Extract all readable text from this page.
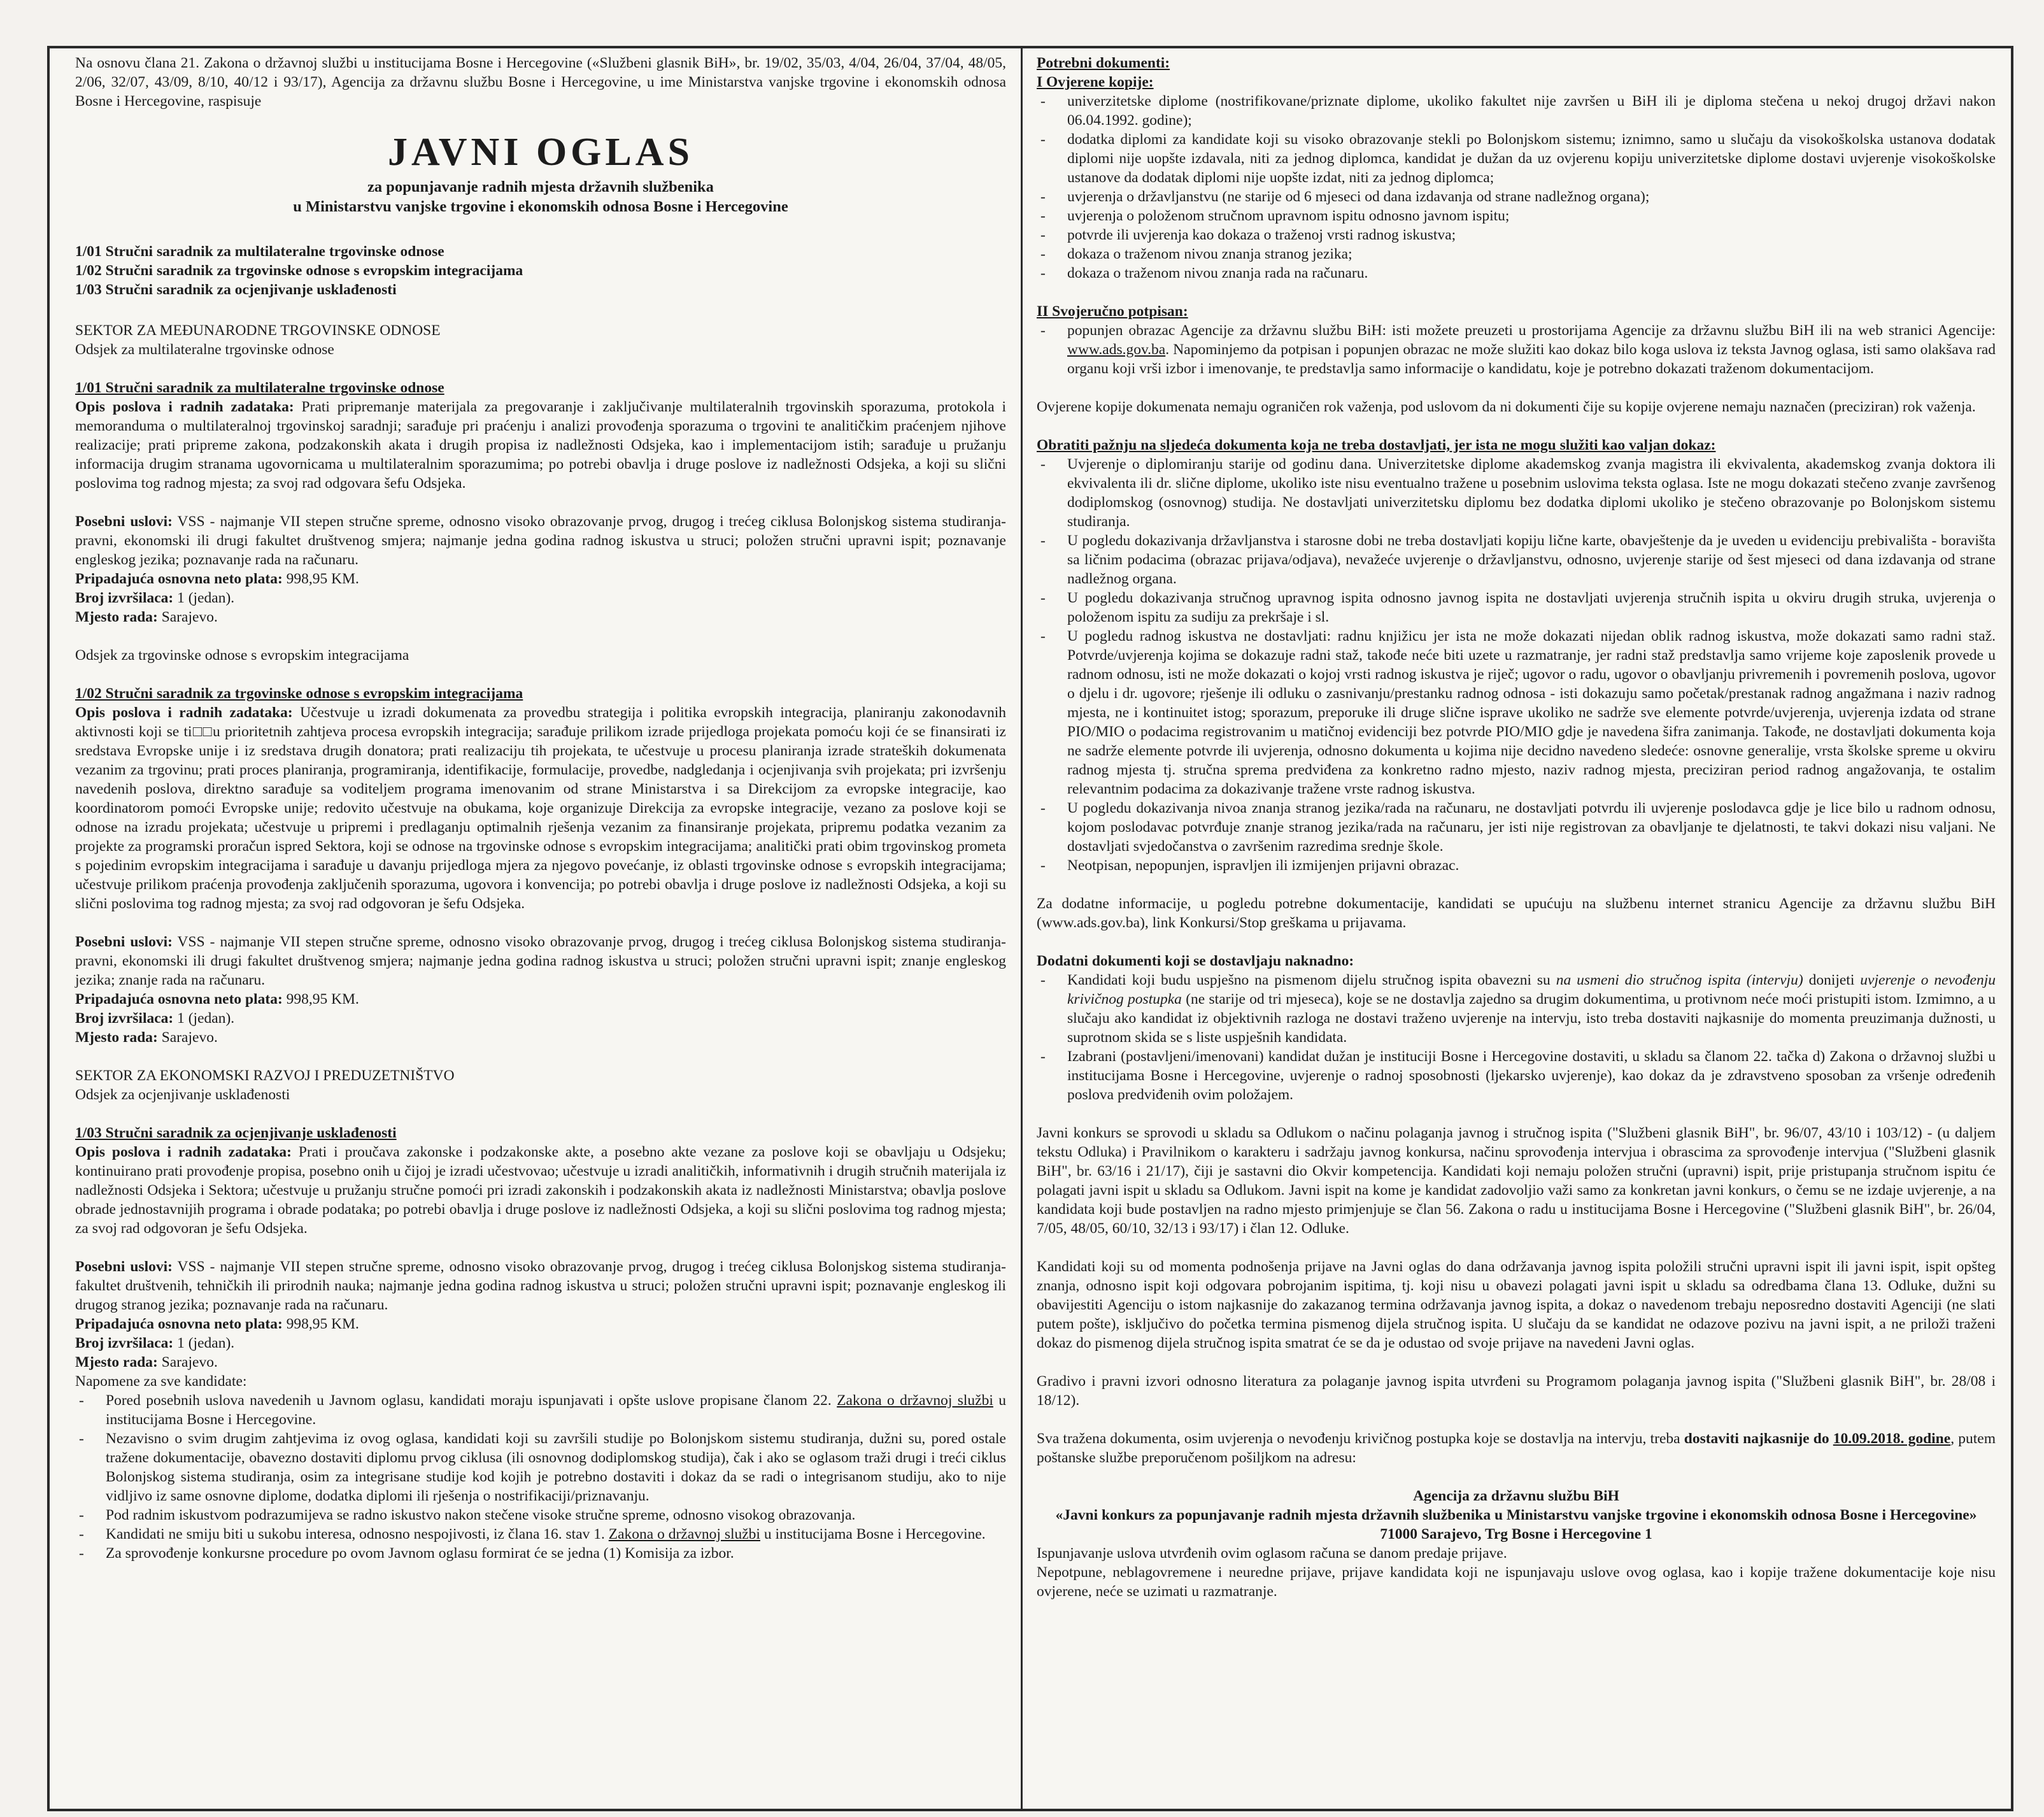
Na osnovu člana 21. Zakona o državnoj službi u institucijama Bosne i Hercegovine («Službeni glasnik BiH», br. 19/02, 35/03, 4/04, 26/04, 37/04, 48/05, 2/06, 32/07, 43/09, 8/10, 40/12 i 93/17), Agencija za državnu službu Bosne i Hercegovine, u ime Ministarstva vanjske trgovine i ekonomskih odnosa Bosne i Hercegovine, raspisuje

JAVNI OGLAS
za popunjavanje radnih mjesta državnih službenika
u Ministarstvu vanjske trgovine i ekonomskih odnosa Bosne i Hercegovine
1/01 Stručni saradnik za multilateralne trgovinske odnose
1/02 Stručni saradnik za trgovinske odnose s evropskim integracijama
1/03 Stručni saradnik za ocjenjivanje usklađenosti
SEKTOR ZA MEĐUNARODNE TRGOVINSKE ODNOSE

Odsjek za multilateralne trgovinske odnose

1/01 Stručni saradnik za multilateralne trgovinske odnose

Opis poslova i radnih zadataka: Prati pripremanje materijala za pregovaranje i zaključivanje multilateralnih trgovinskih sporazuma, protokola i memoranduma o multilateralnoj trgovinskoj saradnji; sarađuje pri praćenju i analizi provođenja sporazuma o trgovini te analitičkim praćenjem njihove realizacije; prati pripreme zakona, podzakonskih akata i drugih propisa iz nadležnosti Odsjeka, kao i implementacijom istih; sarađuje u pružanju informacija drugim stranama ugovornicama u multilateralnim sporazumima; po potrebi obavlja i druge poslove iz nadležnosti Odsjeka, a koji su slični poslovima tog radnog mjesta; za svoj rad odgovara šefu Odsjeka.

Posebni uslovi: VSS - najmanje VII stepen stručne spreme, odnosno visoko obrazovanje prvog, drugog i trećeg ciklusa Bolonjskog sistema studiranja-pravni, ekonomski ili drugi fakultet društvenog smjera; najmanje jedna godina radnog iskustva u struci; položen stručni upravni ispit; poznavanje engleskog jezika; poznavanje rada na računaru.
Pripadajuća osnovna neto plata: 998,95 KM.
Broj izvršilaca: 1 (jedan).

Mjesto rada: Sarajevo.

Odsjek za trgovinske odnose s evropskim integracijama

1/02 Stručni saradnik za trgovinske odnose s evropskim integracijama

Opis poslova i radnih zadataka: Učestvuje u izradi dokumenata za provedbu strategija i politika evropskih integracija, planiranju zakonodavnih aktivnosti koji se ti□□u prioritetnih zahtjeva procesa evropskih integracija; sarađuje prilikom izrade prijedloga projekata pomoću koji će se finansirati iz sredstava Evropske unije i iz sredstava drugih donatora; prati realizaciju tih projekata, te učestvuje u procesu planiranja izrade strateških dokumenata vezanim za trgovinu; prati proces planiranja, programiranja, identifikacije, formulacije, provedbe, nadgledanja i ocjenjivanja svih projekata; pri izvršenju navedenih poslova, direktno sarađuje sa voditeljem programa imenovanim od strane Ministarstva i sa Direkcijom za evropske integracije, kao koordinatorom pomoći Evropske unije; redovito učestvuje na obukama, koje organizuje Direkcija za evropske integracije, vezano za poslove koji se odnose na izradu projekata; učestvuje u pripremi i predlaganju optimalnih rješenja vezanim za finansiranje projekata, pripremu podatka vezanim za projekte za programski proračun ispred Sektora, koji se odnose na trgovinske odnose s evropskim integracijama; analitički prati obim trgovinskog prometa s pojedinim evropskim integracijama i sarađuje u davanju prijedloga mjera za njegovo povećanje, iz oblasti trgovinske odnose s evropskih integracijama; učestvuje prilikom praćenja provođenja zaključenih sporazuma, ugovora i konvencija; po potrebi obavlja i druge poslove iz nadležnosti Odsjeka, a koji su slični poslovima tog radnog mjesta; za svoj rad odgovoran je šefu Odsjeka.

Posebni uslovi: VSS - najmanje VII stepen stručne spreme, odnosno visoko obrazovanje prvog, drugog i trećeg ciklusa Bolonjskog sistema studiranja-pravni, ekonomski ili drugi fakultet društvenog smjera; najmanje jedna godina radnog iskustva u struci; položen stručni upravni ispit; znanje engleskog jezika; znanje rada na računaru.
Pripadajuća osnovna neto plata: 998,95 KM.
Broj izvršilaca: 1 (jedan).

Mjesto rada: Sarajevo.

SEKTOR ZA EKONOMSKI RAZVOJ I PREDUZETNIŠTVO

Odsjek za ocjenjivanje usklađenosti

1/03 Stručni saradnik za ocjenjivanje usklađenosti

Opis poslova i radnih zadataka: Prati i proučava zakonske i podzakonske akte, a posebno akte vezane za poslove koji se obavljaju u Odsjeku; kontinuirano prati provođenje propisa, posebno onih u čijoj je izradi učestvovao; učestvuje u izradi analitičkih, informativnih i drugih stručnih materijala iz nadležnosti Odsjeka i Sektora; učestvuje u pružanju stručne pomoći pri izradi zakonskih i podzakonskih akata iz nadležnosti Ministarstva; obavlja poslove obrade jednostavnijih programa i obrade podataka; po potrebi obavlja i druge poslove iz nadležnosti Odsjeka, a koji su slični poslovima tog radnog mjesta; za svoj rad odgovoran je šefu Odsjeka.

Posebni uslovi: VSS - najmanje VII stepen stručne spreme, odnosno visoko obrazovanje prvog, drugog i trećeg ciklusa Bolonjskog sistema studiranja-fakultet društvenih, tehničkih ili prirodnih nauka; najmanje jedna godina radnog iskustva u struci; položen stručni upravni ispit; poznavanje engleskog ili drugog stranog jezika; poznavanje rada na računaru.
Pripadajuća osnovna neto plata: 998,95 KM.
Broj izvršilaca: 1 (jedan).
Mjesto rada: Sarajevo.
Napomene za sve kandidate:
- Pored posebnih uslova navedenih u Javnom oglasu, kandidati moraju ispunjavati i opšte uslove propisane članom 22. Zakona o državnoj službi u institucijama Bosne i Hercegovine.
- Nezavisno o svim drugim zahtjevima iz ovog oglasa, kandidati koji su završili studije po Bolonjskom sistemu studiranja, dužni su, pored ostale tražene dokumentacije, obavezno dostaviti diplomu prvog ciklusa (ili osnovnog dodiplomskog studija), čak i ako se oglasom traži drugi i treći ciklus Bolonjskog sistema studiranja, osim za integrisane studije kod kojih je potrebno dostaviti i dokaz da se radi o integrisanom studiju, ako to nije vidljivo iz same osnovne diplome, dodatka diplomi ili rješenja o nostrifikaciji/priznavanju.
- Pod radnim iskustvom podrazumijeva se radno iskustvo nakon stečene visoke stručne spreme, odnosno visokog obrazovanja.
- Kandidati ne smiju biti u sukobu interesa, odnosno nespojivosti, iz člana 16. stav 1. Zakona o državnoj službi u institucijama Bosne i Hercegovine.
- Za sprovođenje konkursne procedure po ovom Javnom oglasu formirat će se jedna (1) Komisija za izbor.
Potrebni dokumenti:
I Ovjerene kopije:
- univerzitetske diplome (nostrifikovane/priznate diplome, ukoliko fakultet nije završen u BiH ili je diploma stečena u nekoj drugoj državi nakon 06.04.1992. godine);
- dodatka diplomi za kandidate koji su visoko obrazovanje stekli po Bolonjskom sistemu; iznimno, samo u slučaju da visokoškolska ustanova dodatak diplomi nije uopšte izdavala, niti za jednog diplomca, kandidat je dužan da uz ovjerenu kopiju univerzitetske diplome dostavi uvjerenje visokoškolske ustanove da dodatak diplomi nije uopšte izdat, niti za jednog diplomca;
- uvjerenja o državljanstvu (ne starije od 6 mjeseci od dana izdavanja od strane nadležnog organa);
- uvjerenja o položenom stručnom upravnom ispitu odnosno javnom ispitu;
- potvrde ili uvjerenja kao dokaza o traženoj vrsti radnog iskustva;
- dokaza o traženom nivou znanja stranog jezika;
- dokaza o traženom nivou znanja rada na računaru.
II Svojeručno potpisan:
- popunjen obrazac Agencije za državnu službu BiH: isti možete preuzeti u prostorijama Agencije za državnu službu BiH ili na web stranici Agencije: www.ads.gov.ba. Napominjemo da potpisan i popunjen obrazac ne može služiti kao dokaz bilo koga uslova iz teksta Javnog oglasa, isti samo olakšava rad organu koji vrši izbor i imenovanje, te predstavlja samo informacije o kandidatu, koje je potrebno dokazati traženom dokumentacijom.

Ovjerene kopije dokumenata nemaju ograničen rok važenja, pod uslovom da ni dokumenti čije su kopije ovjerene nemaju naznačen (preciziran) rok važenja.

Obratiti pažnju na sljedeća dokumenta koja ne treba dostavljati, jer ista ne mogu služiti kao valjan dokaz:
- Uvjerenje o diplomiranju starije od godinu dana. Univerzitetske diplome akademskog zvanja magistra ili ekvivalenta, akademskog zvanja doktora ili ekvivalenta ili dr. slične diplome, ukoliko iste nisu eventualno tražene u posebnim uslovima teksta oglasa. Iste ne mogu dokazati stečeno zvanje završenog dodiplomskog (osnovnog) studija. Ne dostavljati univerzitetsku diplomu bez dodatka diplomi ukoliko je stečeno obrazovanje po Bolonjskom sistemu studiranja.
- U pogledu dokazivanja državljanstva i starosne dobi ne treba dostavljati kopiju lične karte, obavještenje da je uveden u evidenciju prebivališta - boravišta sa ličnim podacima (obrazac prijava/odjava), nevažeće uvjerenje o državljanstvu, odnosno, uvjerenje starije od šest mjeseci od dana izdavanja od strane nadležnog organa.
- U pogledu dokazivanja stručnog upravnog ispita odnosno javnog ispita ne dostavljati uvjerenja stručnih ispita u okviru drugih struka, uvjerenja o položenom ispitu za sudiju za prekršaje i sl.
- U pogledu radnog iskustva ne dostavljati: radnu knjižicu jer ista ne može dokazati nijedan oblik radnog iskustva, može dokazati samo radni staž. Potvrde/uvjerenja kojima se dokazuje radni staž, takođe neće biti uzete u razmatranje, jer radni staž predstavlja samo vrijeme koje zaposlenik provede u radnom odnosu, isti ne može dokazati o kojoj vrsti radnog iskustva je riječ; ugovor o radu, ugovor o obavljanju privremenih i povremenih poslova, ugovor o djelu i dr. ugovore; rješenje ili odluku o zasnivanju/prestanku radnog odnosa - isti dokazuju samo početak/prestanak radnog angažmana i naziv radnog mjesta, ne i kontinuitet istog; sporazum, preporuke ili druge slične isprave ukoliko ne sadrže sve elemente potvrde/uvjerenja, uvjerenja izdata od strane PIO/MIO o podacima registrovanim u matičnoj evidenciji bez potvrde PIO/MIO gdje je navedena šifra zanimanja. Takođe, ne dostavljati dokumenta koja ne sadrže elemente potvrde ili uvjerenja, odnosno dokumenta u kojima nije decidno navedeno sledeće: osnovne generalije, vrsta školske spreme u okviru radnog mjesta tj. stručna sprema predviđena za konkretno radno mjesto, naziv radnog mjesta, preciziran period radnog angažovanja, te ostalim relevantnim podacima za dokazivanje tražene vrste radnog iskustva.
- U pogledu dokazivanja nivoa znanja stranog jezika/rada na računaru, ne dostavljati potvrdu ili uvjerenje poslodavca gdje je lice bilo u radnom odnosu, kojom poslodavac potvrđuje znanje stranog jezika/rada na računaru, jer isti nije registrovan za obavljanje te djelatnosti, te takvi dokazi nisu valjani. Ne dostavljati svjedočanstva o završenim razredima srednje škole.
- Neotpisan, nepopunjen, ispravljen ili izmijenjen prijavni obrazac.

Za dodatne informacije, u pogledu potrebne dokumentacije, kandidati se upućuju na službenu internet stranicu Agencije za državnu službu BiH (www.ads.gov.ba), link Konkursi/Stop greškama u prijavama.

Dodatni dokumenti koji se dostavljaju naknadno:
- Kandidati koji budu uspješno na pismenom dijelu stručnog ispita obavezni su na usmeni dio stručnog ispita (intervju) donijeti uvjerenje o nevođenju krivičnog postupka (ne starije od tri mjeseca), koje se ne dostavlja zajedno sa drugim dokumentima, u protivnom neće moći pristupiti istom. Izmimno, a u slučaju ako kandidat iz objektivnih razloga ne dostavi traženo uvjerenje na intervju, isto treba dostaviti najkasnije do momenta preuzimanja dužnosti, u suprotnom skida se s liste uspješnih kandidata.
- Izabrani (postavljeni/imenovani) kandidat dužan je instituciji Bosne i Hercegovine dostaviti, u skladu sa članom 22. tačka d) Zakona o državnoj službi u institucijama Bosne i Hercegovine, uvjerenje o radnoj sposobnosti (ljekarsko uvjerenje), kao dokaz da je zdravstveno sposoban za vršenje određenih poslova predviđenih ovim položajem.

Javni konkurs se sprovodi u skladu sa Odlukom o načinu polaganja javnog i stručnog ispita ("Službeni glasnik BiH", br. 96/07, 43/10 i 103/12) - (u daljem tekstu Odluka) i Pravilnikom o karakteru i sadržaju javnog konkursa, načinu sprovođenja intervjua i obrascima za sprovođenje intervjua ("Službeni glasnik BiH", br. 63/16 i 21/17), čiji je sastavni dio Okvir kompetencija. Kandidati koji nemaju položen stručni (upravni) ispit, prije pristupanja stručnom ispitu će polagati javni ispit u skladu sa Odlukom. Javni ispit na kome je kandidat zadovoljio važi samo za konkretan javni konkurs, o čemu se ne izdaje uvjerenje, a na kandidata koji bude postavljen na radno mjesto primjenjuje se član 56. Zakona o radu u institucijama Bosne i Hercegovine ("Službeni glasnik BiH", br. 26/04, 7/05, 48/05, 60/10, 32/13 i 93/17) i član 12. Odluke.

Kandidati koji su od momenta podnošenja prijave na Javni oglas do dana održavanja javnog ispita položili stručni upravni ispit ili javni ispit, ispit opšteg znanja, odnosno ispit koji odgovara pobrojanim ispitima, tj. koji nisu u obavezi polagati javni ispit u skladu sa odredbama člana 13. Odluke, dužni su obavijestiti Agenciju o istom najkasnije do zakazanog termina održavanja javnog ispita, a dokaz o navedenom trebaju neposredno dostaviti Agenciji (ne slati putem pošte), isključivo do početka termina pismenog dijela stručnog ispita. U slučaju da se kandidat ne odazove pozivu na javni ispit, a ne priloži traženi dokaz do pismenog dijela stručnog ispita smatrat će se da je odustao od svoje prijave na navedeni Javni oglas.

Gradivo i pravni izvori odnosno literatura za polaganje javnog ispita utvrđeni su Programom polaganja javnog ispita ("Službeni glasnik BiH", br. 28/08 i 18/12).

Sva tražena dokumenta, osim uvjerenja o nevođenju krivičnog postupka koje se dostavlja na intervju, treba dostaviti najkasnije do 10.09.2018. godine, putem poštanske službe preporučenom pošiljkom na adresu:

Agencija za državnu službu BiH
«Javni konkurs za popunjavanje radnih mjesta državnih službenika u Ministarstvu vanjske trgovine i ekonomskih odnosa Bosne i Hercegovine»
71000 Sarajevo, Trg Bosne i Hercegovine 1
Ispunjavanje uslova utvrđenih ovim oglasom računa se danom predaje prijave.
Nepotpune, neblagovremene i neuredne prijave, prijave kandidata koji ne ispunjavaju uslove ovog oglasa, kao i kopije tražene dokumentacije koje nisu ovjerene, neće se uzimati u razmatranje.
